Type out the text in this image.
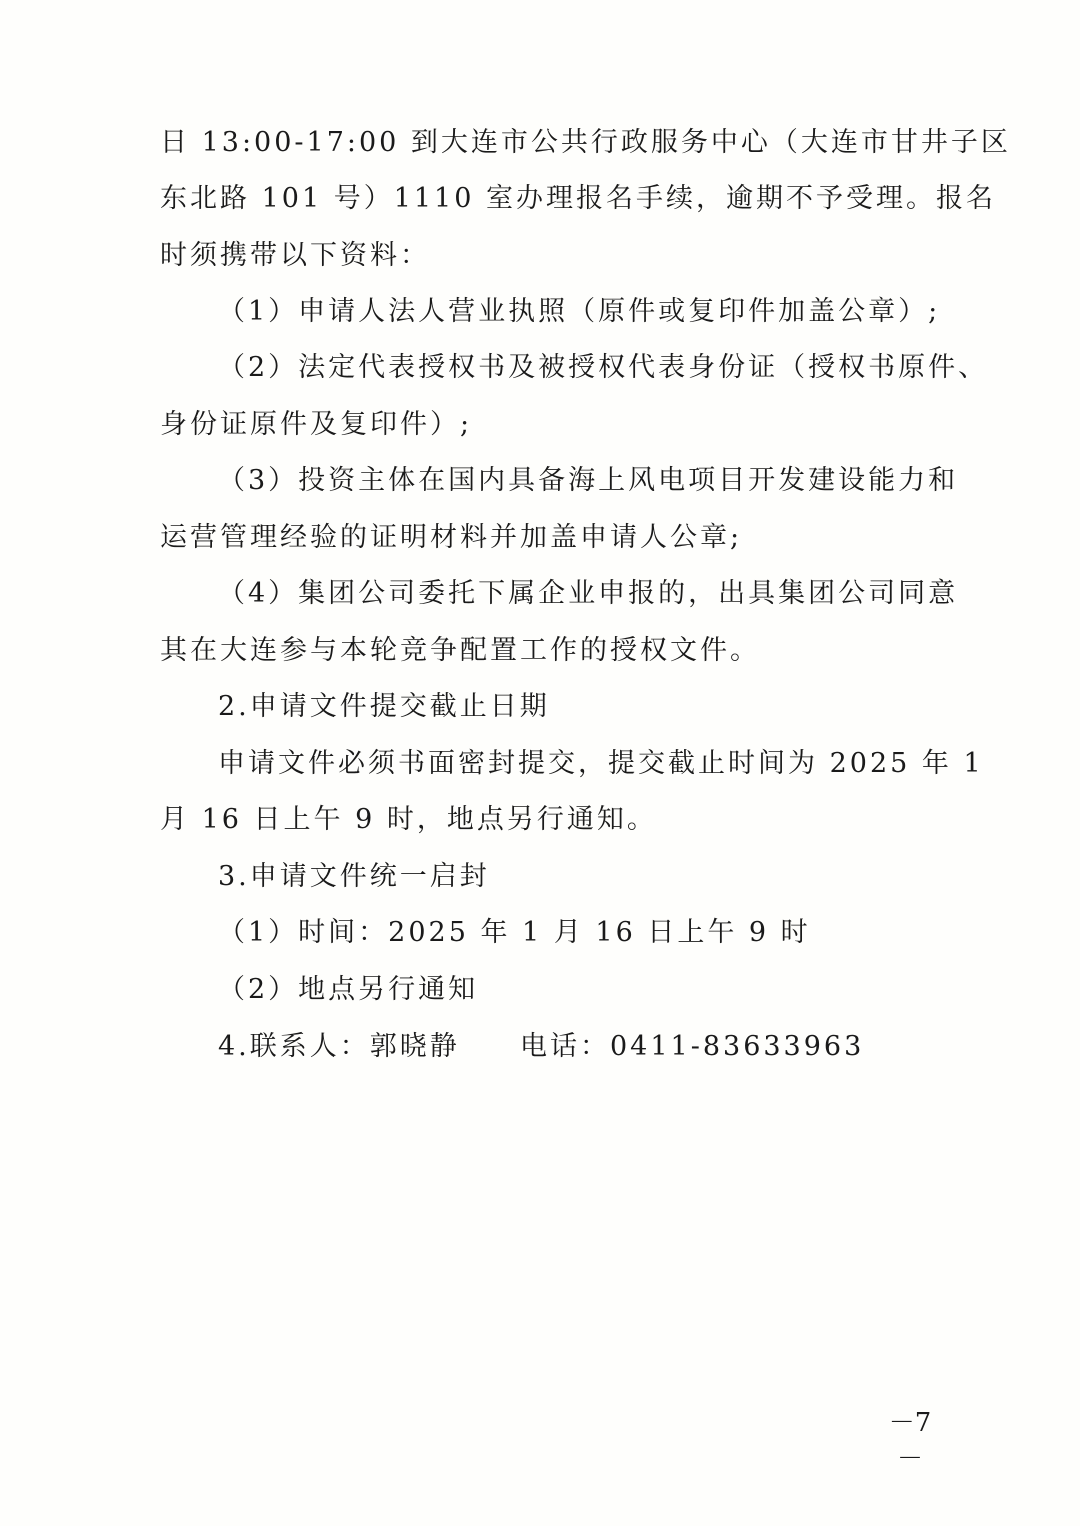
日 13:00-17:00 到大连市公共行政服务中心（大连市甘井子区
东北路 101 号）1110 室办理报名手续，逾期不予受理。报名
时须携带以下资料：
（1）申请人法人营业执照（原件或复印件加盖公章）;
（2）法定代表授权书及被授权代表身份证（授权书原件、
身份证原件及复印件）;
（3）投资主体在国内具备海上风电项目开发建设能力和
运营管理经验的证明材料并加盖申请人公章;
（4）集团公司委托下属企业申报的，出具集团公司同意
其在大连参与本轮竞争配置工作的授权文件。
2.申请文件提交截止日期
申请文件必须书面密封提交，提交截止时间为 2025 年 1
月 16 日上午 9 时，地点另行通知。
3.申请文件统一启封
（1）时间：2025 年 1 月 16 日上午 9 时
（2）地点另行通知
4.联系人：郭晓静	电话：0411-83633963
－7－
